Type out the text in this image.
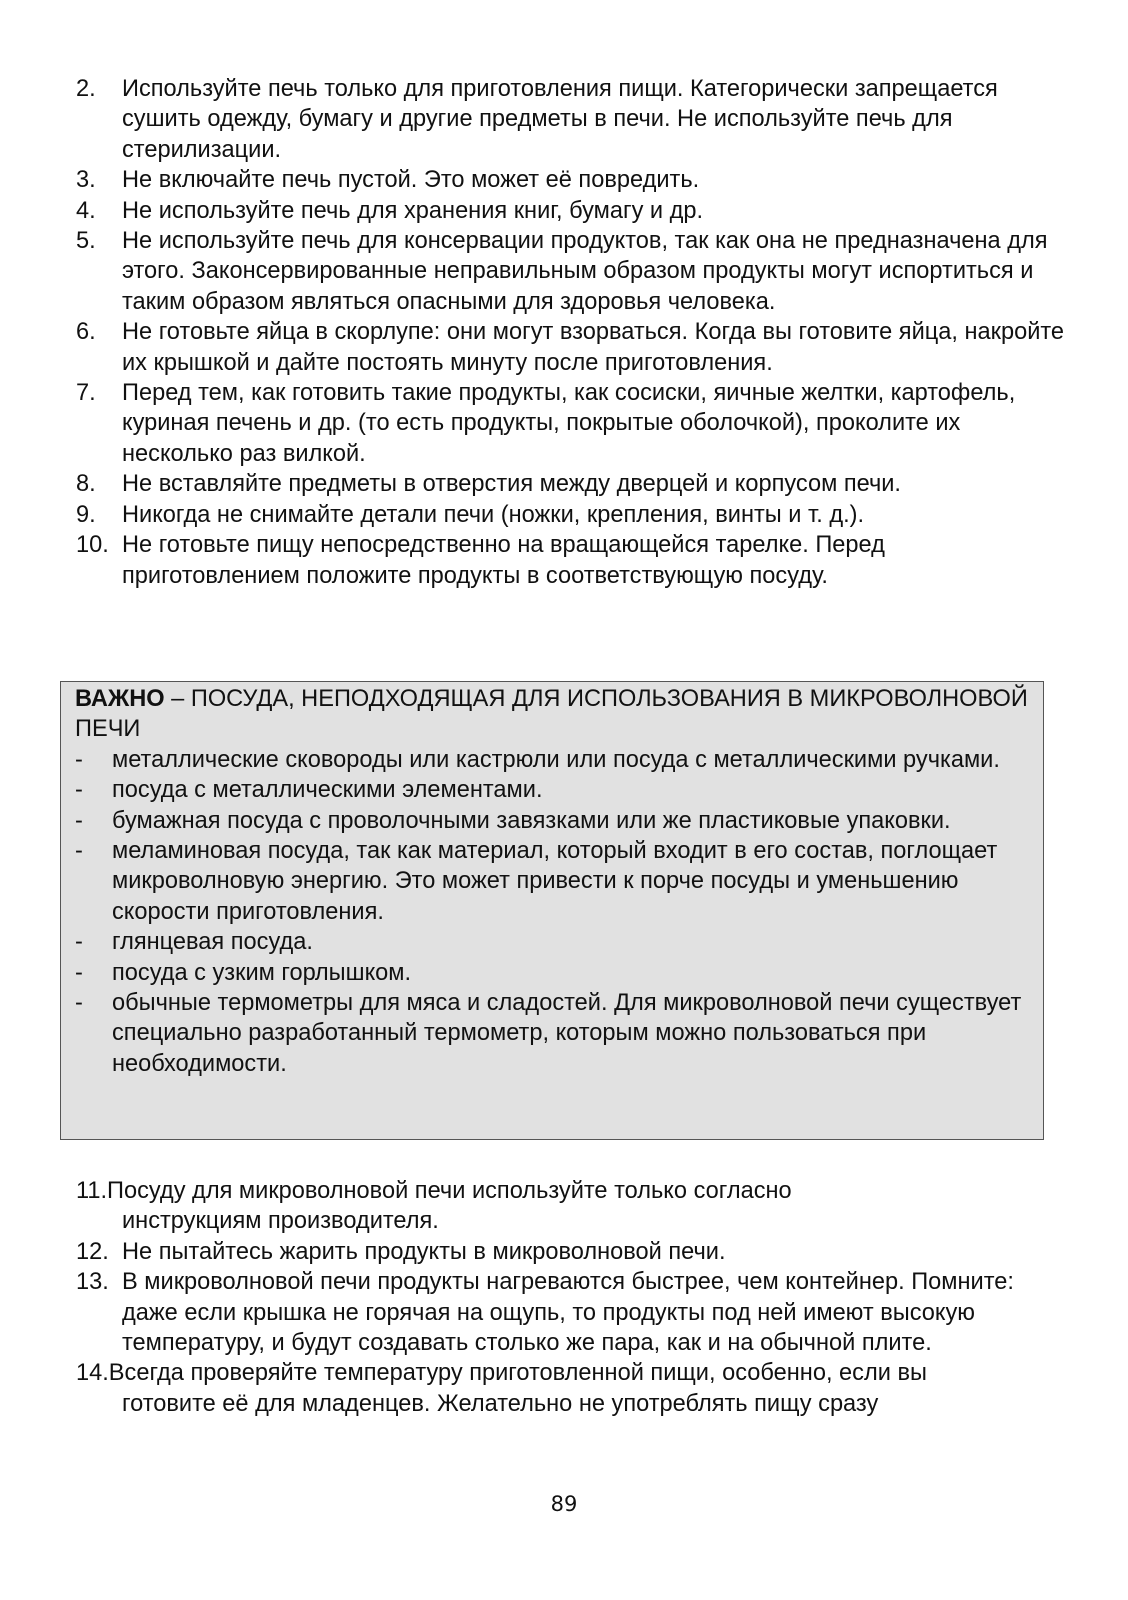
2. Используйте печь только для приготовления пищи. Категорически запрещается сушить одежду, бумагу и другие предметы в печи. Не используйте печь для стерилизации.
3. Не включайте печь пустой. Это может её повредить.
4. Не используйте печь для хранения книг, бумагу и др.
5. Не используйте печь для консервации продуктов, так как она не предназначена для этого. Законсервированные неправильным образом продукты могут испортиться и таким образом являться опасными для здоровья человека.
6. Не готовьте яйца в скорлупе: они могут взорваться. Когда вы готовите яйца, накройте их крышкой и дайте постоять минуту после приготовления.
7. Перед тем, как готовить такие продукты, как сосиски, яичные желтки, картофель, куриная печень и др. (то есть продукты, покрытые оболочкой), проколите их несколько раз вилкой.
8. Не вставляйте предметы в отверстия между дверцей и корпусом печи.
9. Никогда не снимайте детали печи (ножки, крепления, винты и т. д.).
10. Не готовьте пищу непосредственно на вращающейся тарелке. Перед приготовлением положите продукты в соответствующую посуду.
ВАЖНО – ПОСУДА, НЕПОДХОДЯЩАЯ ДЛЯ ИСПОЛЬЗОВАНИЯ В МИКРОВОЛНОВОЙ ПЕЧИ
- металлические сковороды или кастрюли или посуда с металлическими ручками.
- посуда с металлическими элементами.
- бумажная посуда с проволочными завязками или же пластиковые упаковки.
- меламиновая посуда, так как материал, который входит в его состав, поглощает микроволновую энергию. Это может привести к порче посуды и уменьшению скорости приготовления.
- глянцевая посуда.
- посуда с узким горлышком.
- обычные термометры для мяса и сладостей. Для микроволновой печи существует специально разработанный термометр, которым можно пользоваться при необходимости.
11.Посуду для микроволновой печи используйте только согласно
инструкциям производителя.
12. Не пытайтесь жарить продукты в микроволновой печи.
13. В микроволновой печи продукты нагреваются быстрее, чем контейнер. Помните: даже если крышка не горячая на ощупь, то продукты под ней имеют высокую температуру, и будут создавать столько же пара, как и на обычной плите.
14.Всегда проверяйте температуру приготовленной пищи, особенно, если вы
готовите её для младенцев. Желательно не употреблять пищу сразу
89
